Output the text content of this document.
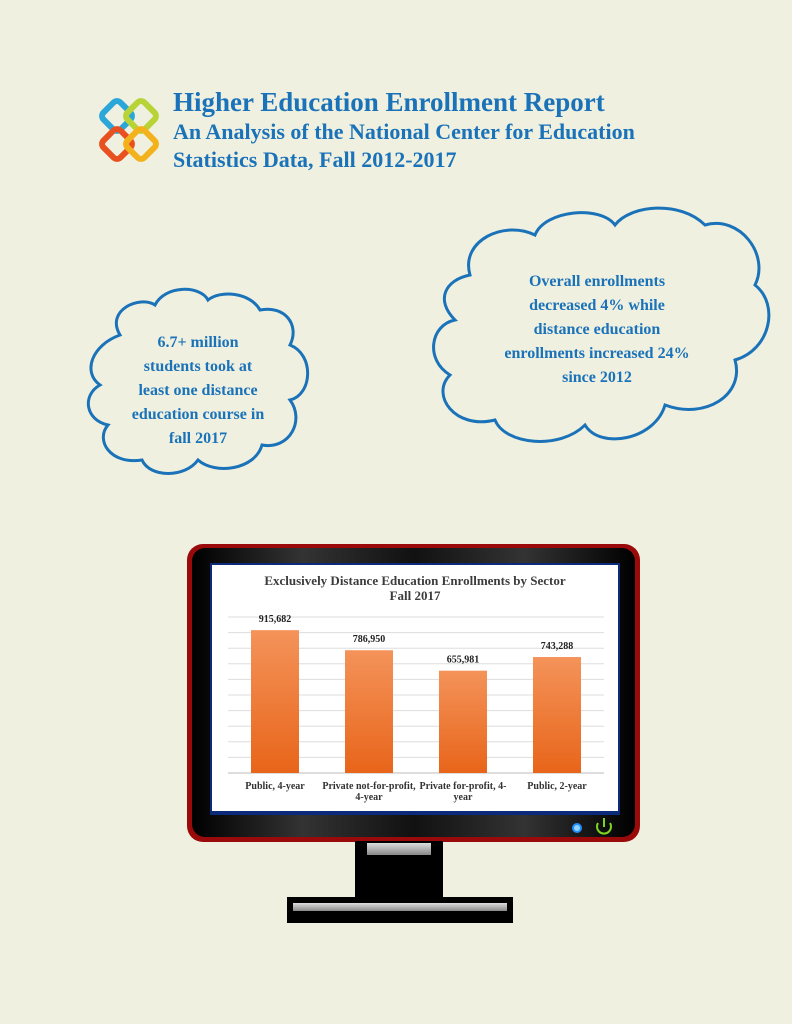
Higher Education Enrollment Report
An Analysis of the National Center for Education
Statistics Data, Fall 2012-2017
6.7+ million
students took at
least one distance
education course in
fall 2017
Overall enrollments
decreased 4% while
distance education
enrollments increased 24%
since 2012
Exclusively Distance Education Enrollments by Sector
Fall 2017
915,682
Public, 4-year
786,950
Private not-for-profit,
4-year
655,981
Private for-profit, 4-
year
743,288
Public, 2-year
